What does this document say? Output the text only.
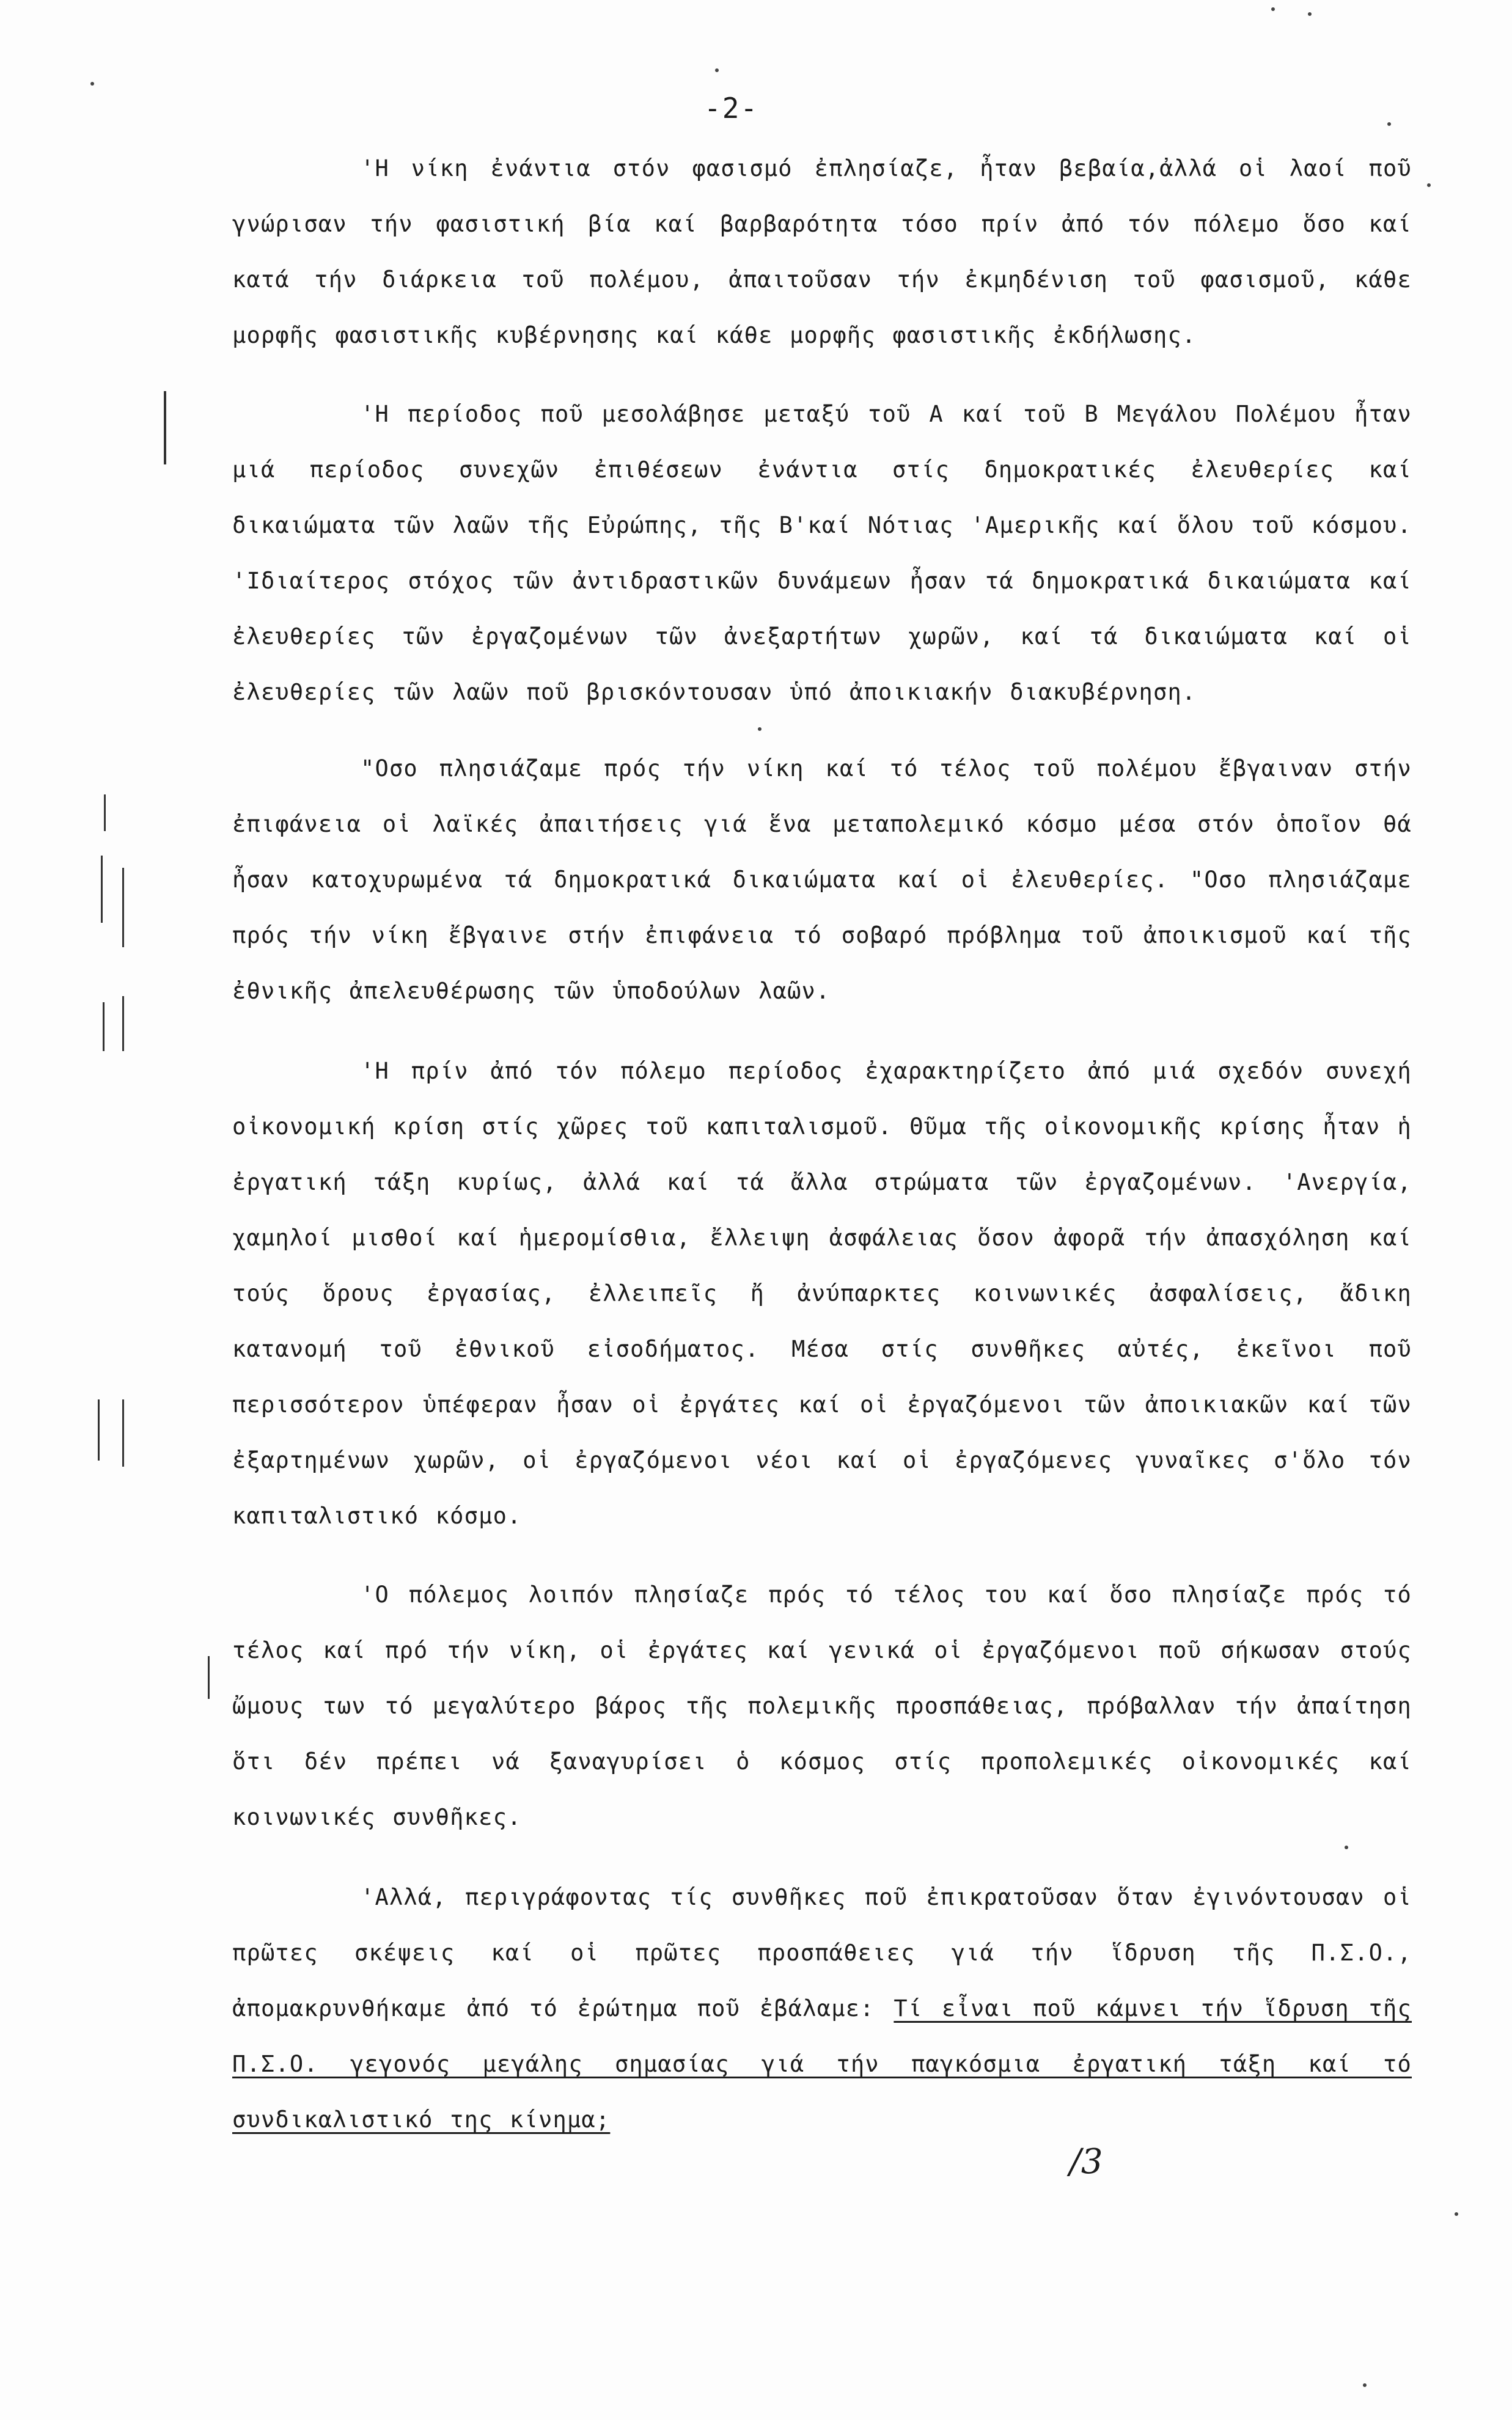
-2-

'Η νίκη ἐνάντια στόν φασισμό ἐπλησίαζε, ἦταν βεβαία,ἀλλά οἱ λαοί ποῦ γνώρισαν τήν φασιστική βία καί βαρβαρότητα τόσο πρίν ἀπό τόν πόλεμο ὅσο καί κατά τήν διάρκεια τοῦ πολέμου, ἀπαιτοῦσαν τήν ἐκμηδένιση τοῦ φασισμοῦ, κάθε μορφῆς φασιστικῆς κυβέρνησης καί κάθε μορφῆς φασιστικῆς ἐκδήλωσης.

'Η περίοδος ποῦ μεσολάβησε μεταξύ τοῦ Α καί τοῦ Β Μεγάλου Πολέμου ἦταν μιά περίοδος συνεχῶν ἐπιθέσεων ἐνάντια στίς δημοκρατικές ἐλευθερίες καί δικαιώματα τῶν λαῶν τῆς Εὐρώπης, τῆς Β'καί Νότιας 'Αμερικῆς καί ὅλου τοῦ κόσμου. 'Ιδιαίτερος στόχος τῶν ἀντιδραστικῶν δυνάμεων ἦσαν τά δημοκρατικά δικαιώματα καί ἐλευθερίες τῶν ἐργαζομένων τῶν ἀνεξαρτήτων χωρῶν, καί τά δικαιώματα καί οἱ ἐλευθερίες τῶν λαῶν ποῦ βρισκόντουσαν ὑπό ἀποικιακήν διακυβέρνηση.

"Οσο πλησιάζαμε πρός τήν νίκη καί τό τέλος τοῦ πολέμου ἔβγαιναν στήν ἐπιφάνεια οἱ λαϊκές ἀπαιτήσεις γιά ἕνα μεταπολεμικό κόσμο μέσα στόν ὁποῖον θά ἦσαν κατοχυρωμένα τά δημοκρατικά δικαιώματα καί οἱ ἐλευθερίες. "Οσο πλησιάζαμε πρός τήν νίκη ἔβγαινε στήν ἐπιφάνεια τό σοβαρό πρόβλημα τοῦ ἀποικισμοῦ καί τῆς ἐθνικῆς ἀπελευθέρωσης τῶν ὑποδούλων λαῶν.

'Η πρίν ἀπό τόν πόλεμο περίοδος ἐχαρακτηρίζετο ἀπό μιά σχεδόν συνεχή οἰκονομική κρίση στίς χῶρες τοῦ καπιταλισμοῦ. Θῦμα τῆς οἰκονομικῆς κρίσης ἦταν ἡ ἐργατική τάξη κυρίως, ἀλλά καί τά ἄλλα στρώματα τῶν ἐργαζομένων. 'Ανεργία, χαμηλοί μισθοί καί ἡμερομίσθια, ἔλλειψη ἀσφάλειας ὅσον ἀφορᾶ τήν ἀπασχόληση καί τούς ὅρους ἐργασίας, ἐλλειπεῖς ἤ ἀνύπαρκτες κοινωνικές ἀσφαλίσεις, ἄδικη κατανομή τοῦ ἐθνικοῦ εἰσοδήματος. Μέσα στίς συνθῆκες αὐτές, ἐκεῖνοι ποῦ περισσότερον ὑπέφεραν ἦσαν οἱ ἐργάτες καί οἱ ἐργαζόμενοι τῶν ἀποικιακῶν καί τῶν ἐξαρτημένων χωρῶν, οἱ ἐργαζόμενοι νέοι καί οἱ ἐργαζόμενες γυναῖκες σ'ὅλο τόν καπιταλιστικό κόσμο.

'Ο πόλεμος λοιπόν πλησίαζε πρός τό τέλος του καί ὅσο πλησίαζε πρός τό τέλος καί πρό τήν νίκη, οἱ ἐργάτες καί γενικά οἱ ἐργαζόμενοι ποῦ σήκωσαν στούς ὤμους των τό μεγαλύτερο βάρος τῆς πολεμικῆς προσπάθειας, πρόβαλλαν τήν ἀπαίτηση ὅτι δέν πρέπει νά ξαναγυρίσει ὁ κόσμος στίς προπολεμικές οἰκονομικές καί κοινωνικές συνθῆκες.

'Αλλά, περιγράφοντας τίς συνθῆκες ποῦ ἐπικρατοῦσαν ὅταν ἐγινόντουσαν οἱ πρῶτες σκέψεις καί οἱ πρῶτες προσπάθειες γιά τήν ἵδρυση τῆς Π.Σ.Ο., ἀπομακρυνθήκαμε ἀπό τό ἐρώτημα ποῦ ἐβάλαμε: Τί εἶναι ποῦ κάμνει τήν ἵδρυση τῆς Π.Σ.Ο. γεγονός μεγάλης σημασίας γιά τήν παγκόσμια ἐργατική τάξη καί τό συνδικαλιστικό της κίνημα;

/3
